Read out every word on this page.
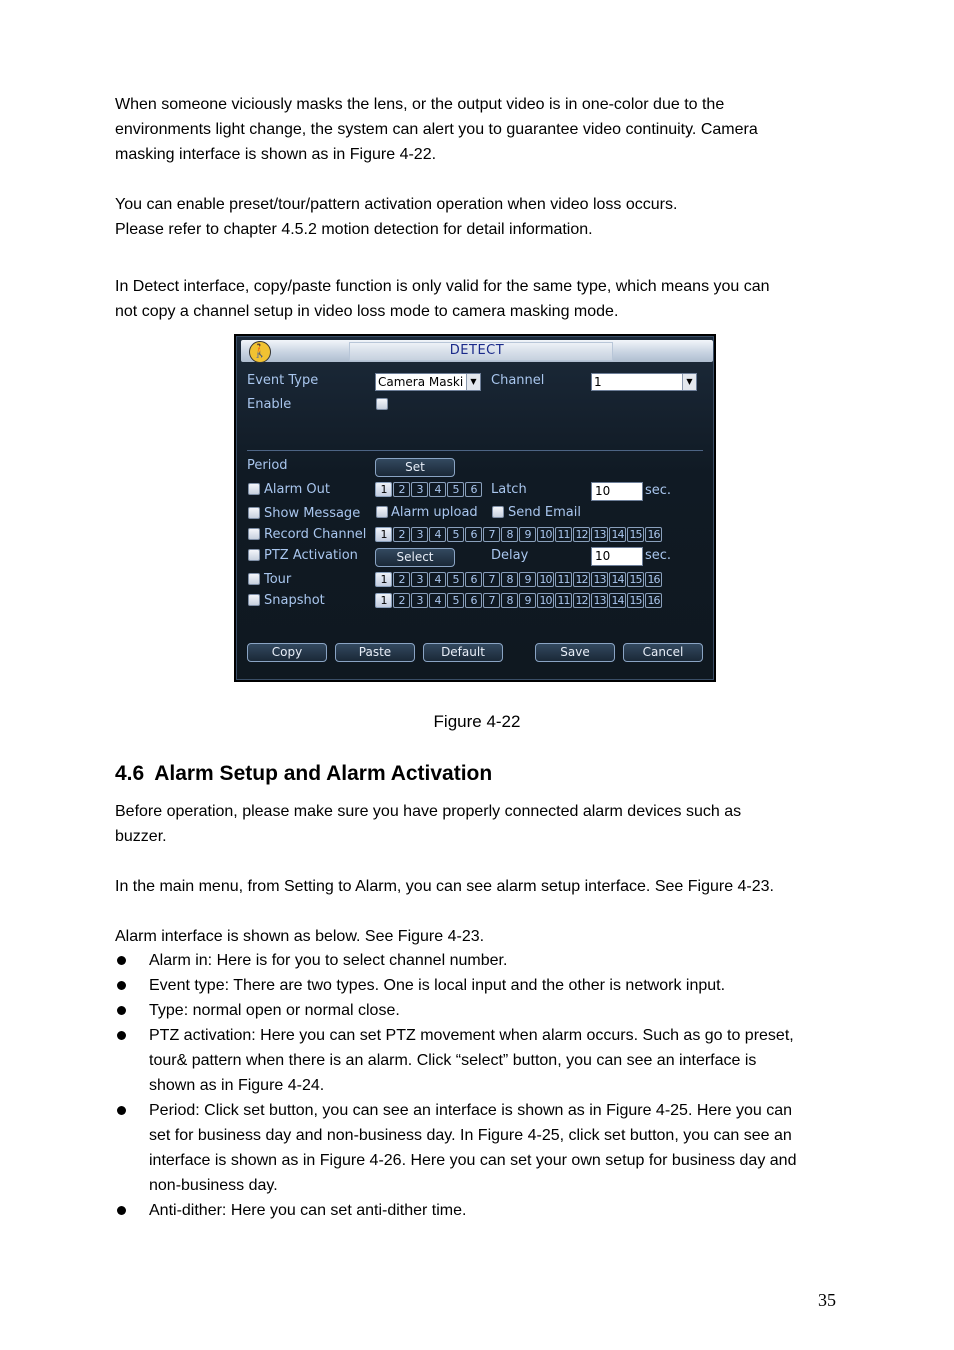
When someone viciously masks the lens, or the output video is in one-color due to the

environments light change, the system can alert you to guarantee video continuity. Camera

masking interface is shown as in Figure 4-22.

You can enable preset/tour/pattern activation operation when video loss occurs.

Please refer to chapter 4.5.2 motion detection for detail information.

In Detect interface, copy/paste function is only valid for the same type, which means you can

not copy a channel setup in video loss mode to camera masking mode.

🚶	DETECT
Event Type	Camera Maski ▼ Channel	1	▼
Enable
Period	Set
Alarm Out	1	2	3	4	5	6	Latch	10	sec.
Show Message Alarm upload Send Email
Record Channel	1	2	3	4	5	6	7	8	9 10 11 12 13 14 15 16
PTZ Activation	Select	Delay	10	sec.
Tour	1	2	3	4	5	6	7	8	9 10 11 12 13 14 15 16
Snapshot	1	2	3	4	5	6	7	8	9 10 11 12 13 14 15 16
Copy	Paste	Default	Save	Cancel
Figure 4-22
4.6 Alarm Setup and Alarm Activation

Before operation, please make sure you have properly connected alarm devices such as

buzzer.

In the main menu, from Setting to Alarm, you can see alarm setup interface. See Figure 4-23.

Alarm interface is shown as below. See Figure 4-23.

Alarm in: Here is for you to select channel number.
Event type: There are two types. One is local input and the other is network input.
Type: normal open or normal close.
PTZ activation: Here you can set PTZ movement when alarm occurs. Such as go to preset,
tour& pattern when there is an alarm. Click “select” button, you can see an interface is
shown as in Figure 4-24.
Period: Click set button, you can see an interface is shown as in Figure 4-25. Here you can
set for business day and non-business day. In Figure 4-25, click set button, you can see an
interface is shown as in Figure 4-26. Here you can set your own setup for business day and
non-business day.
Anti-dither: Here you can set anti-dither time.
35
